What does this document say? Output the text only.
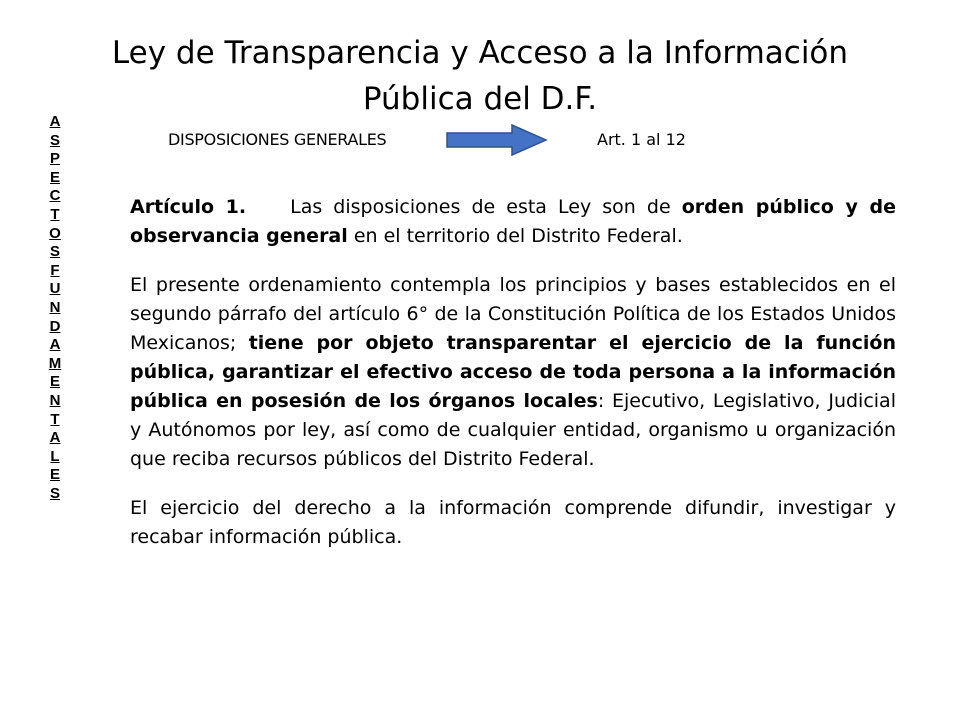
Ley de Transparencia y Acceso a la Información
Pública del D.F.
A
S
P
E
C
T
O
S
F
U
N
D
A
M
E
N
T
A
L
E
S
DISPOSICIONES GENERALES	Art. 1 al 12

Artículo 1. Las disposiciones de esta Ley son de orden público y de observancia general en el territorio del Distrito Federal.

El presente ordenamiento contempla los principios y bases establecidos en el segundo párrafo del artículo 6° de la Constitución Política de los Estados Unidos Mexicanos; tiene por objeto transparentar el ejercicio de la función pública, garantizar el efectivo acceso de toda persona a la información pública en posesión de los órganos locales: Ejecutivo, Legislativo, Judicial y Autónomos por ley, así como de cualquier entidad, organismo u organización que reciba recursos públicos del Distrito Federal.

El ejercicio del derecho a la información comprende difundir, investigar y recabar información pública.
